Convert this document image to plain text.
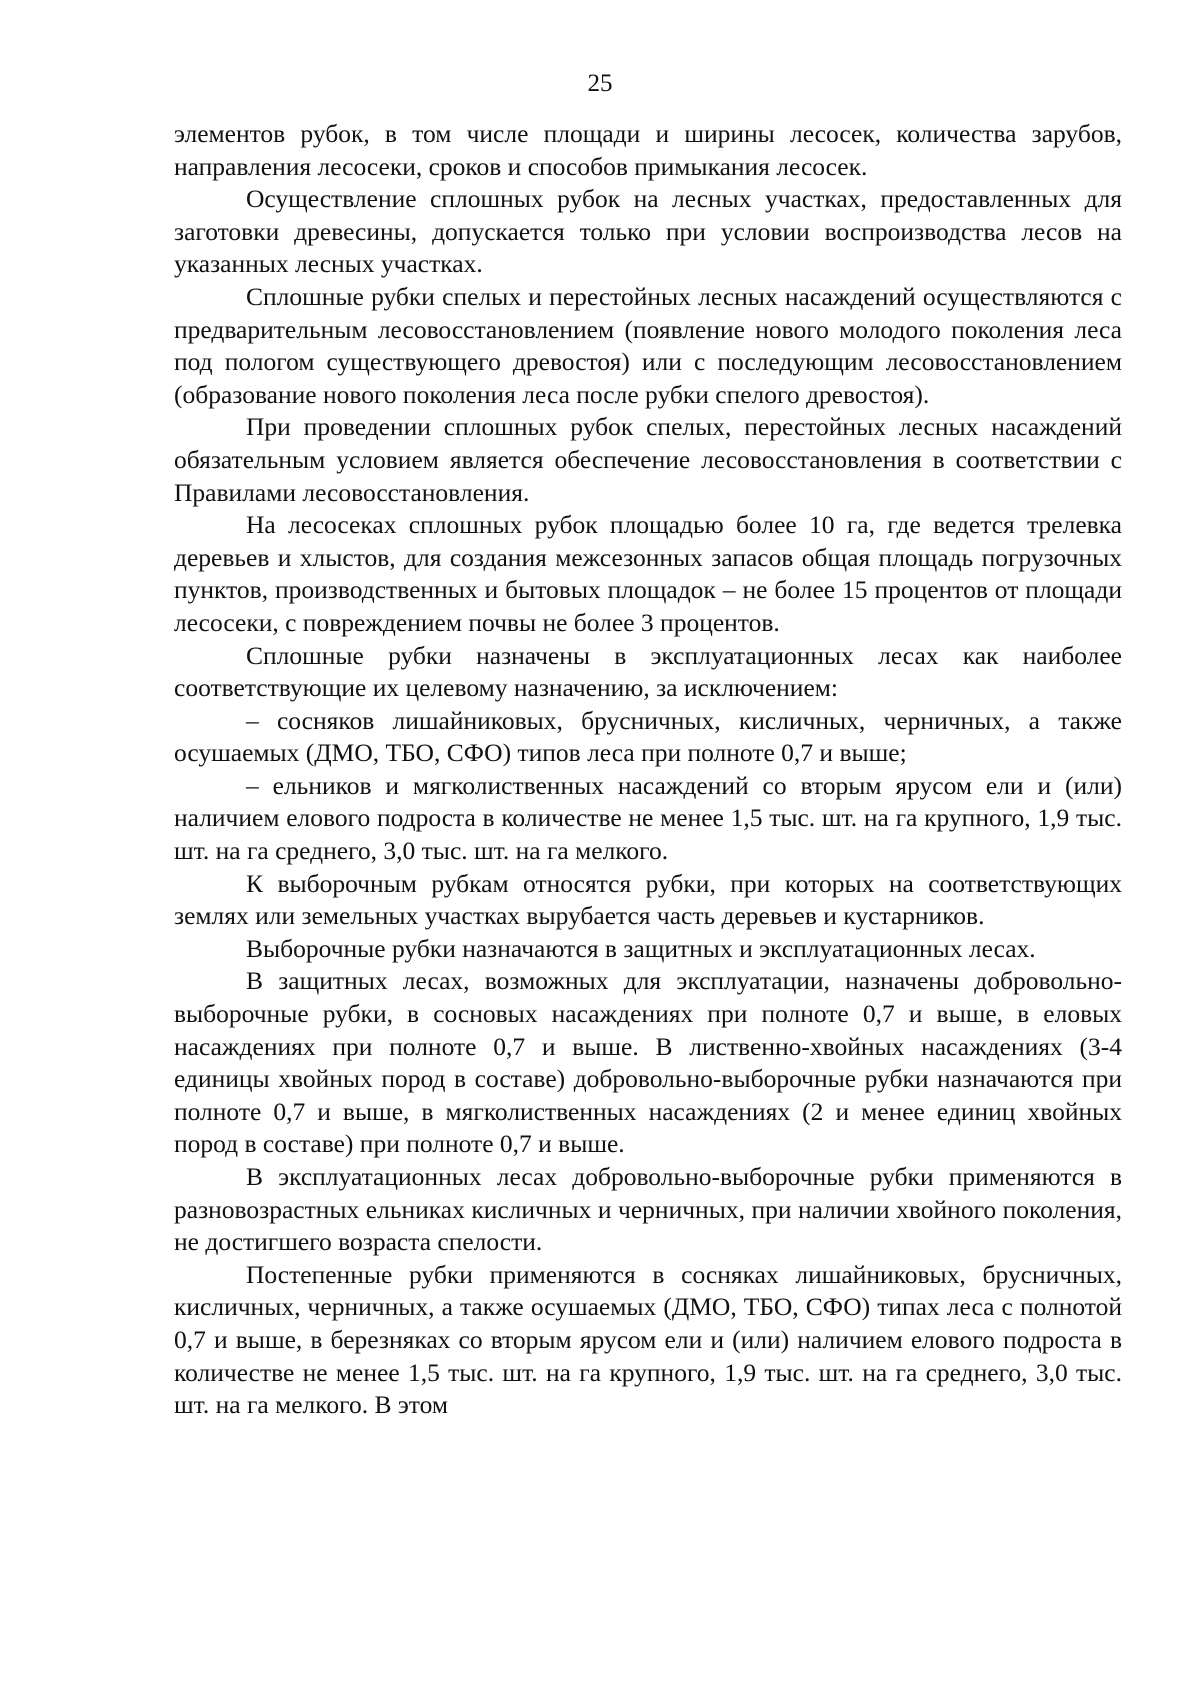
25

элементов рубок, в том числе площади и ширины лесосек, количества зарубов, направления лесосеки, сроков и способов примыкания лесосек.

Осуществление сплошных рубок на лесных участках, предоставленных для заготовки древесины, допускается только при условии воспроизводства лесов на указанных лесных участках.

Сплошные рубки спелых и перестойных лесных насаждений осуществляются с предварительным лесовосстановлением (появление нового молодого поколения леса под пологом существующего древостоя) или с последующим лесовосстановлением (образование нового поколения леса после рубки спелого древостоя).

При проведении сплошных рубок спелых, перестойных лесных насаждений обязательным условием является обеспечение лесовосстановления в соответствии с Правилами лесовосстановления.

На лесосеках сплошных рубок площадью более 10 га, где ведется трелевка деревьев и хлыстов, для создания межсезонных запасов общая площадь погрузочных пунктов, производственных и бытовых площадок – не более 15 процентов от площади лесосеки, с повреждением почвы не более 3 процентов.

Сплошные рубки назначены в эксплуатационных лесах как наиболее соответствующие их целевому назначению, за исключением:

– сосняков лишайниковых, брусничных, кисличных, черничных, а также осушаемых (ДМО, ТБО, СФО) типов леса при полноте 0,7 и выше;

– ельников и мягколиственных насаждений со вторым ярусом ели и (или) наличием елового подроста в количестве не менее 1,5 тыс. шт. на га крупного, 1,9 тыс. шт. на га среднего, 3,0 тыс. шт. на га мелкого.

К выборочным рубкам относятся рубки, при которых на соответствующих землях или земельных участках вырубается часть деревьев и кустарников.

Выборочные рубки назначаются в защитных и эксплуатационных лесах.

В защитных лесах, возможных для эксплуатации, назначены добровольно-выборочные рубки, в сосновых насаждениях при полноте 0,7 и выше, в еловых насаждениях при полноте 0,7 и выше. В лиственно-хвойных насаждениях (3-4 единицы хвойных пород в составе) добровольно-выборочные рубки назначаются при полноте 0,7 и выше, в мягколиственных насаждениях (2 и менее единиц хвойных пород в составе) при полноте 0,7 и выше.

В эксплуатационных лесах добровольно-выборочные рубки применяются в разновозрастных ельниках кисличных и черничных, при наличии хвойного поколения, не достигшего возраста спелости.

Постепенные рубки применяются в сосняках лишайниковых, брусничных, кисличных, черничных, а также осушаемых (ДМО, ТБО, СФО) типах леса с полнотой 0,7 и выше, в березняках со вторым ярусом ели и (или) наличием елового подроста в количестве не менее 1,5 тыс. шт. на га крупного, 1,9 тыс. шт. на га среднего, 3,0 тыс. шт. на га мелкого. В этом
